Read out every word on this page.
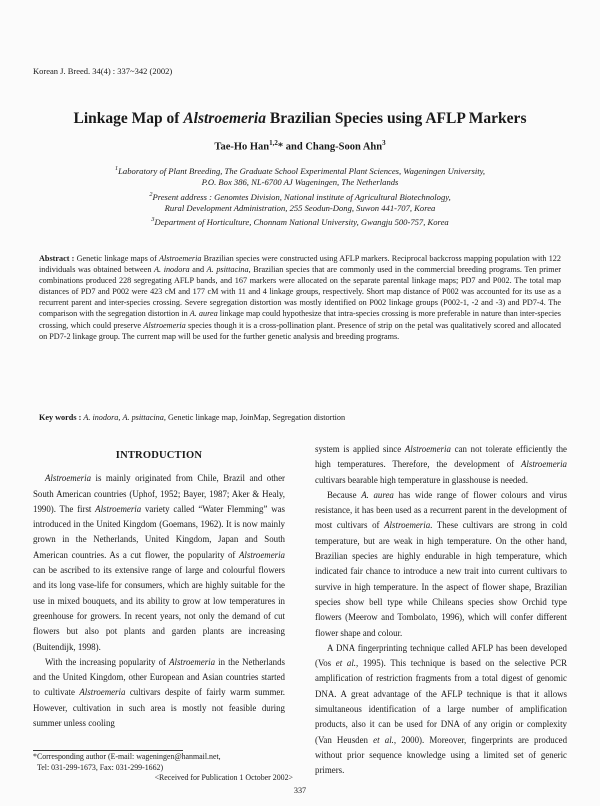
Korean J. Breed. 34(4) : 337~342 (2002)
Linkage Map of Alstroemeria Brazilian Species using AFLP Markers
Tae-Ho Han$^{1,2}$* and Chang-Soon Ahn$^3$
$^1$Laboratory of Plant Breeding, The Graduate School Experimental Plant Sciences, Wageningen University,
P.O. Box 386, NL-6700 AJ Wageningen, The Netherlands
$^2$Present address : Genomtes Division, National institute of Agricultural Biotechnology,
Rural Development Administration, 255 Seodun-Dong, Suwon 441-707, Korea
$^3$Department of Horticulture, Chonnam National University, Gwangju 500-757, Korea
Abstract : Genetic linkage maps of Alstroemeria Brazilian species were constructed using AFLP markers. Reciprocal backcross mapping population with 122 individuals was obtained between A. inodora and A. psittacina, Brazilian species that are commonly used in the commercial breeding programs. Ten primer combinations produced 228 segregating AFLP bands, and 167 markers were allocated on the separate parental linkage maps; PD7 and P002. The total map distances of PD7 and P002 were 423 cM and 177 cM with 11 and 4 linkage groups, respectively. Short map distance of P002 was accounted for its use as a recurrent parent and inter-species crossing. Severe segregation distortion was mostly identified on P002 linkage groups (P002-1, -2 and -3) and PD7-4. The comparison with the segregation distortion in A. aurea linkage map could hypothesize that intra-species crossing is more preferable in nature than inter-species crossing, which could preserve Alstroemeria species though it is a cross-pollination plant. Presence of strip on the petal was qualitatively scored and allocated on PD7-2 linkage group. The current map will be used for the further genetic analysis and breeding programs.
Key words : A. inodora, A. psittacina, Genetic linkage map, JoinMap, Segregation distortion
INTRODUCTION

Alstroemeria is mainly originated from Chile, Brazil and other South American countries (Uphof, 1952; Bayer, 1987; Aker & Healy, 1990). The first Alstroemeria variety called “Water Flemming” was introduced in the United Kingdom (Goemans, 1962). It is now mainly grown in the Netherlands, United Kingdom, Japan and South American countries. As a cut flower, the popularity of Alstroemeria can be ascribed to its extensive range of large and colourful flowers and its long vase-life for consumers, which are highly suitable for the use in mixed bouquets, and its ability to grow at low temperatures in greenhouse for growers. In recent years, not only the demand of cut flowers but also pot plants and garden plants are increasing (Buitendijk, 1998).

With the increasing popularity of Alstroemeria in the Netherlands and the United Kingdom, other European and Asian countries started to cultivate Alstroemeria cultivars despite of fairly warm summer. However, cultivation in such area is mostly not feasible during summer unless cooling

system is applied since Alstroemeria can not tolerate efficiently the high temperatures. Therefore, the development of Alstroemeria cultivars bearable high temperature in glasshouse is needed.

Because A. aurea has wide range of flower colours and virus resistance, it has been used as a recurrent parent in the development of most cultivars of Alstroemeria. These cultivars are strong in cold temperature, but are weak in high temperature. On the other hand, Brazilian species are highly endurable in high temperature, which indicated fair chance to introduce a new trait into current cultivars to survive in high temperature. In the aspect of flower shape, Brazilian species show bell type while Chileans species show Orchid type flowers (Meerow and Tombolato, 1996), which will confer different flower shape and colour.

A DNA fingerprinting technique called AFLP has been developed (Vos et al., 1995). This technique is based on the selective PCR amplification of restriction fragments from a total digest of genomic DNA. A great advantage of the AFLP technique is that it allows simultaneous identification of a large number of amplification products, also it can be used for DNA of any origin or complexity (Van Heusden et al., 2000). Moreover, fingerprints are produced without prior sequence knowledge using a limited set of generic primers.

*Corresponding author (E-mail: wageningen@hanmail.net,
Tel: 031-299-1673, Fax: 031-299-1662)
<Received for Publication 1 October 2002>
337
